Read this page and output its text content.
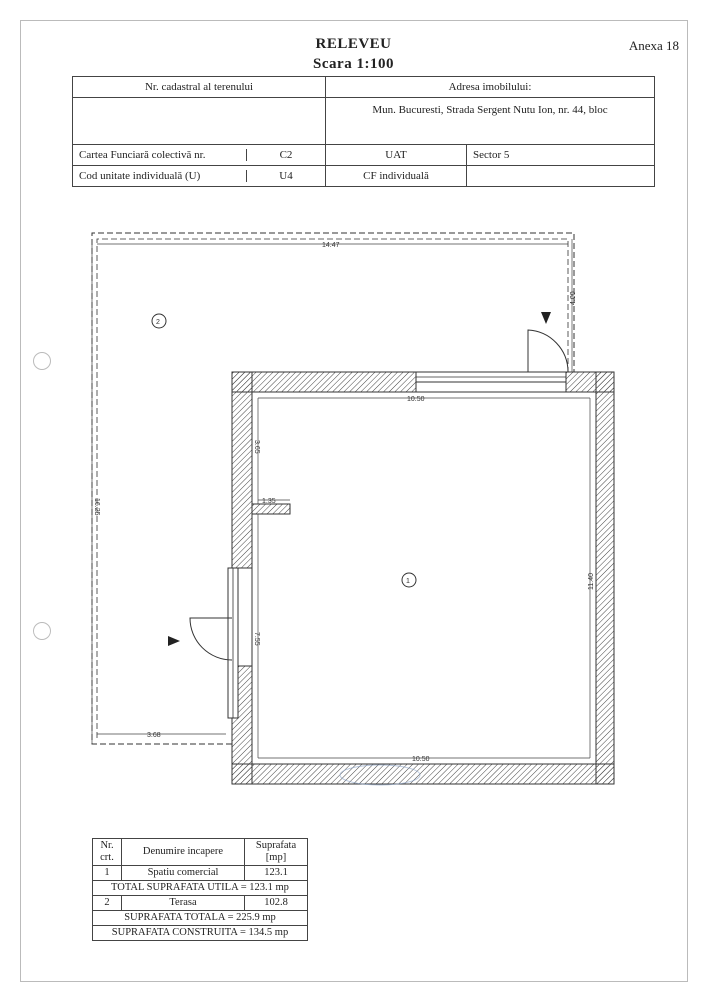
RELEVEU
Scara 1:100
Anexa 18
Nr. cadastral al terenului	Adresa imobilului:	
	Mun. Bucuresti, Strada Sergent Nutu Ion, nr. 44, bloc	

Cartea Funciară colectivă nr. C2	UAT	Sector 5

Cod unitate individuală (U) U4	CF individuală	
14.47
4.00
16.25
10.50
3.65
1.35
11.40
7.55
3.68
10.50
1
2
Nr. crt.	Denumire incapere	Suprafata [mp]
1	Spatiu comercial	123.1
TOTAL SUPRAFATA UTILA = 123.1 mp		
2	Terasa	102.8
SUPRAFATA TOTALA = 225.9 mp		
SUPRAFATA CONSTRUITA = 134.5 mp		
